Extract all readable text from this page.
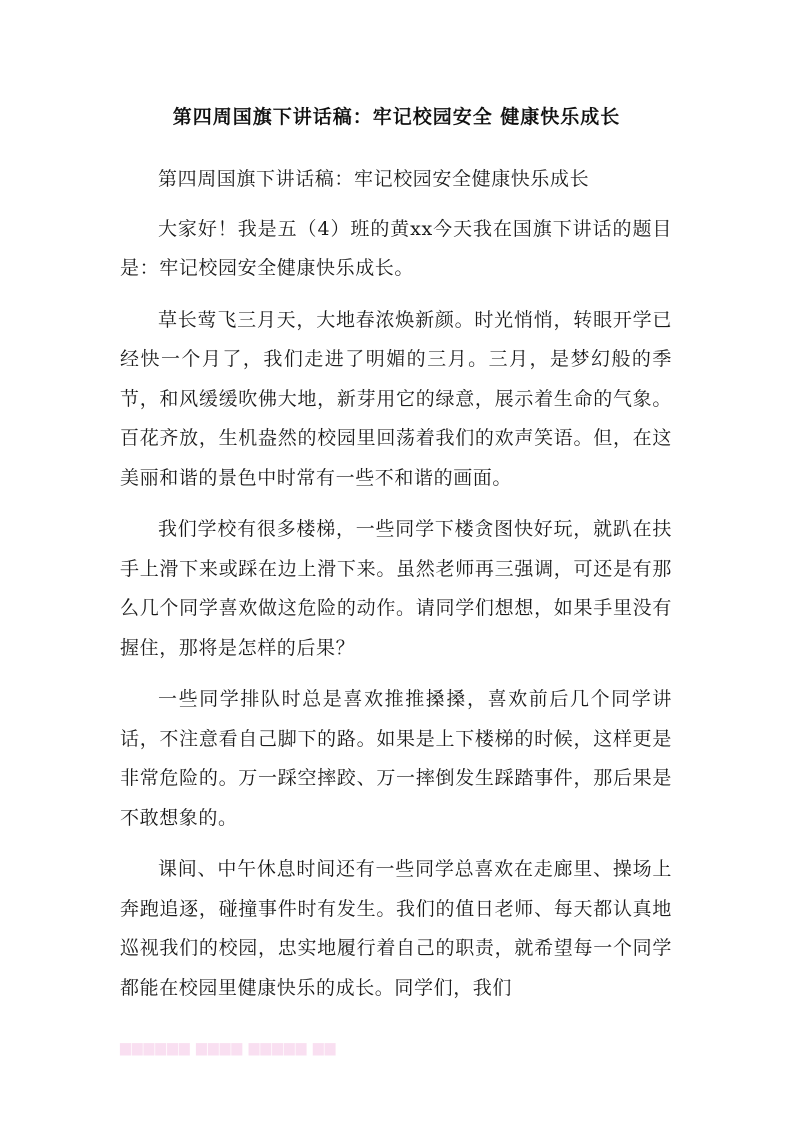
第四周国旗下讲话稿：牢记校园安全 健康快乐成长

第四周国旗下讲话稿：牢记校园安全健康快乐成长

大家好！我是五（4）班的黄xx今天我在国旗下讲话的题目是：牢记校园安全健康快乐成长。

草长莺飞三月天，大地春浓焕新颜。时光悄悄，转眼开学已经快一个月了，我们走进了明媚的三月。三月，是梦幻般的季节，和风缓缓吹佛大地，新芽用它的绿意，展示着生命的气象。百花齐放，生机盎然的校园里回荡着我们的欢声笑语。但，在这美丽和谐的景色中时常有一些不和谐的画面。

我们学校有很多楼梯，一些同学下楼贪图快好玩，就趴在扶手上滑下来或踩在边上滑下来。虽然老师再三强调，可还是有那么几个同学喜欢做这危险的动作。请同学们想想，如果手里没有握住，那将是怎样的后果？

一些同学排队时总是喜欢推推搡搡，喜欢前后几个同学讲话，不注意看自己脚下的路。如果是上下楼梯的时候，这样更是非常危险的。万一踩空摔跤、万一摔倒发生踩踏事件，那后果是不敢想象的。

课间、中午休息时间还有一些同学总喜欢在走廊里、操场上奔跑追逐，碰撞事件时有发生。我们的值日老师、每天都认真地巡视我们的校园，忠实地履行着自己的职责，就希望每一个同学都能在校园里健康快乐的成长。同学们，我们

▆▆▆▆▆▆ ▆▆▆▆ ▆▆▆▆▆ ▆▆
